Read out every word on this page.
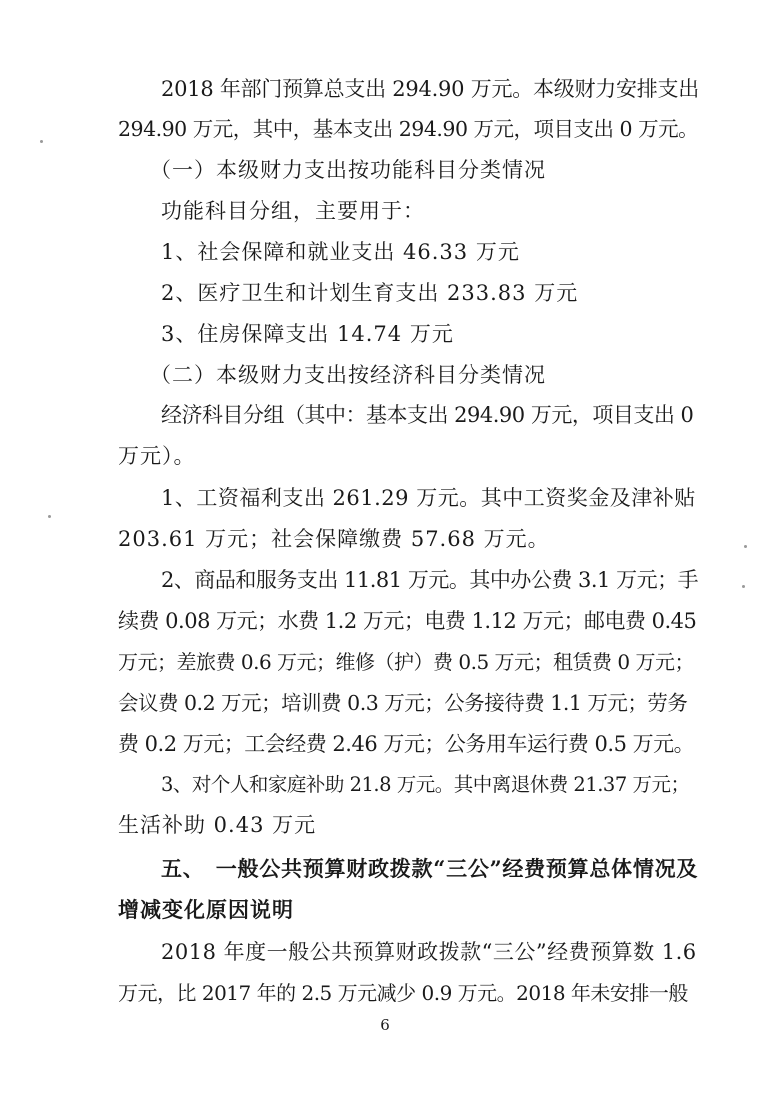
2018 年部门预算总支出 294.90 万元。本级财力安排支出
294.90 万元，其中，基本支出 294.90 万元，项目支出 0 万元。
（一）本级财力支出按功能科目分类情况
功能科目分组，主要用于：
1、社会保障和就业支出 46.33 万元
2、医疗卫生和计划生育支出 233.83 万元
3、住房保障支出 14.74 万元
（二）本级财力支出按经济科目分类情况
经济科目分组（其中：基本支出 294.90 万元，项目支出 0
万元）。
1、工资福利支出 261.29 万元。其中工资奖金及津补贴
203.61 万元；社会保障缴费 57.68 万元。
2、商品和服务支出 11.81 万元。其中办公费 3.1 万元；手
续费 0.08 万元；水费 1.2 万元；电费 1.12 万元；邮电费 0.45
万元；差旅费 0.6 万元；维修（护）费 0.5 万元；租赁费 0 万元；
会议费 0.2 万元；培训费 0.3 万元；公务接待费 1.1 万元；劳务
费 0.2 万元；工会经费 2.46 万元；公务用车运行费 0.5 万元。
3、对个人和家庭补助 21.8 万元。其中离退休费 21.37 万元；
生活补助 0.43 万元
五、　一般公共预算财政拨款“三公”经费预算总体情况及
增减变化原因说明
2018 年度一般公共预算财政拨款“三公”经费预算数 1.6
万元，比 2017 年的 2.5 万元减少 0.9 万元。2018 年未安排一般
6
